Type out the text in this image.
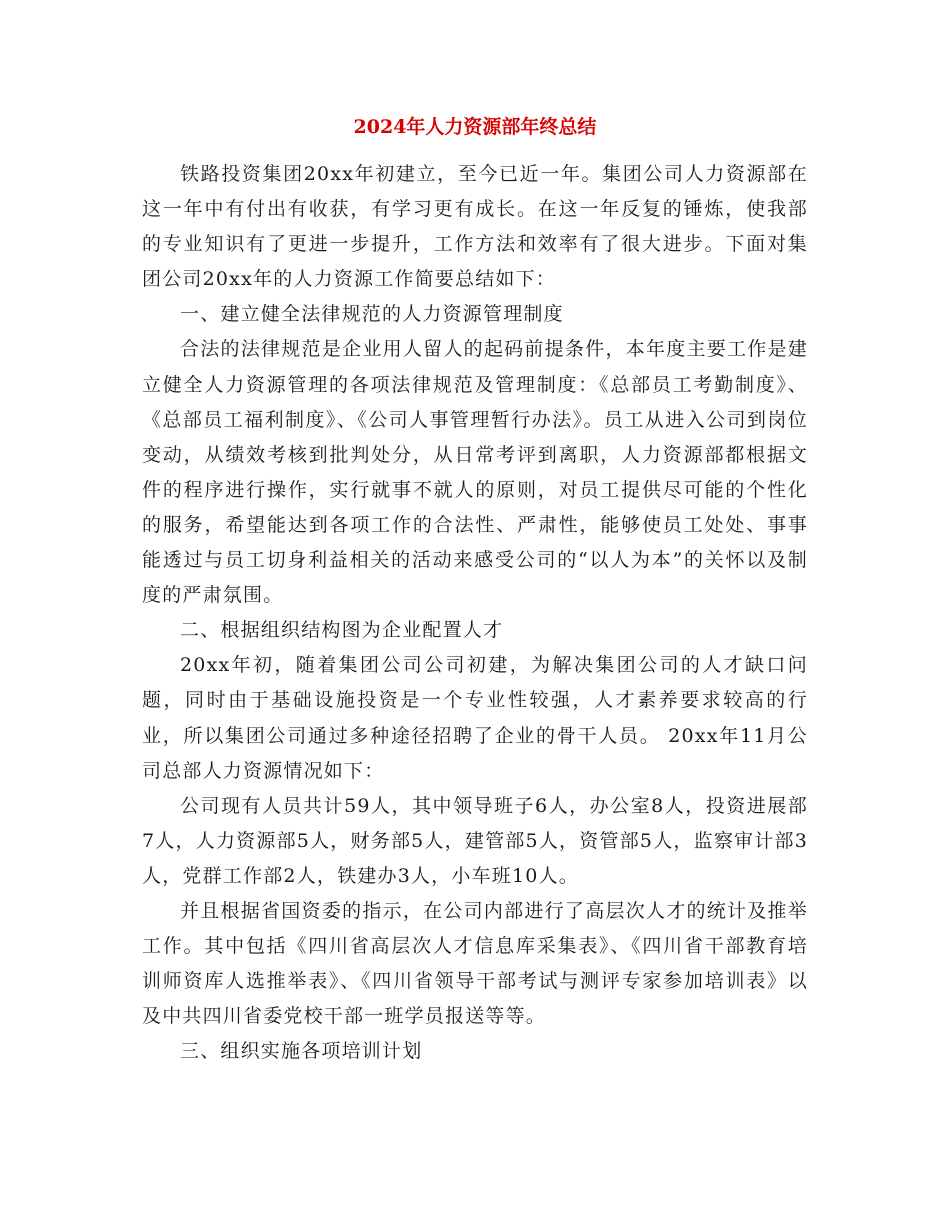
2024年人力资源部年终总结

铁路投资集团20xx年初建立，至今已近一年。集团公司人力资源部在这一年中有付出有收获，有学习更有成长。在这一年反复的锤炼，使我部的专业知识有了更进一步提升，工作方法和效率有了很大进步。下面对集团公司20xx年的人力资源工作简要总结如下：

一、建立健全法律规范的人力资源管理制度

合法的法律规范是企业用人留人的起码前提条件，本年度主要工作是建立健全人力资源管理的各项法律规范及管理制度：《总部员工考勤制度》、《总部员工福利制度》、《公司人事管理暂行办法》。员工从进入公司到岗位变动，从绩效考核到批判处分，从日常考评到离职，人力资源部都根据文件的程序进行操作，实行就事不就人的原则，对员工提供尽可能的个性化的服务，希望能达到各项工作的合法性、严肃性，能够使员工处处、事事能透过与员工切身利益相关的活动来感受公司的“以人为本”的关怀以及制度的严肃氛围。

二、根据组织结构图为企业配置人才

20xx年初，随着集团公司公司初建，为解决集团公司的人才缺口问题，同时由于基础设施投资是一个专业性较强，人才素养要求较高的行业，所以集团公司通过多种途径招聘了企业的骨干人员。 20xx年11月公司总部人力资源情况如下：

公司现有人员共计59人，其中领导班子6人，办公室8人，投资进展部7人，人力资源部5人，财务部5人，建管部5人，资管部5人，监察审计部3人，党群工作部2人，铁建办3人，小车班10人。

并且根据省国资委的指示，在公司内部进行了高层次人才的统计及推举工作。其中包括《四川省高层次人才信息库采集表》、《四川省干部教育培训师资库人选推举表》、《四川省领导干部考试与测评专家参加培训表》以及中共四川省委党校干部一班学员报送等等。

三、组织实施各项培训计划
